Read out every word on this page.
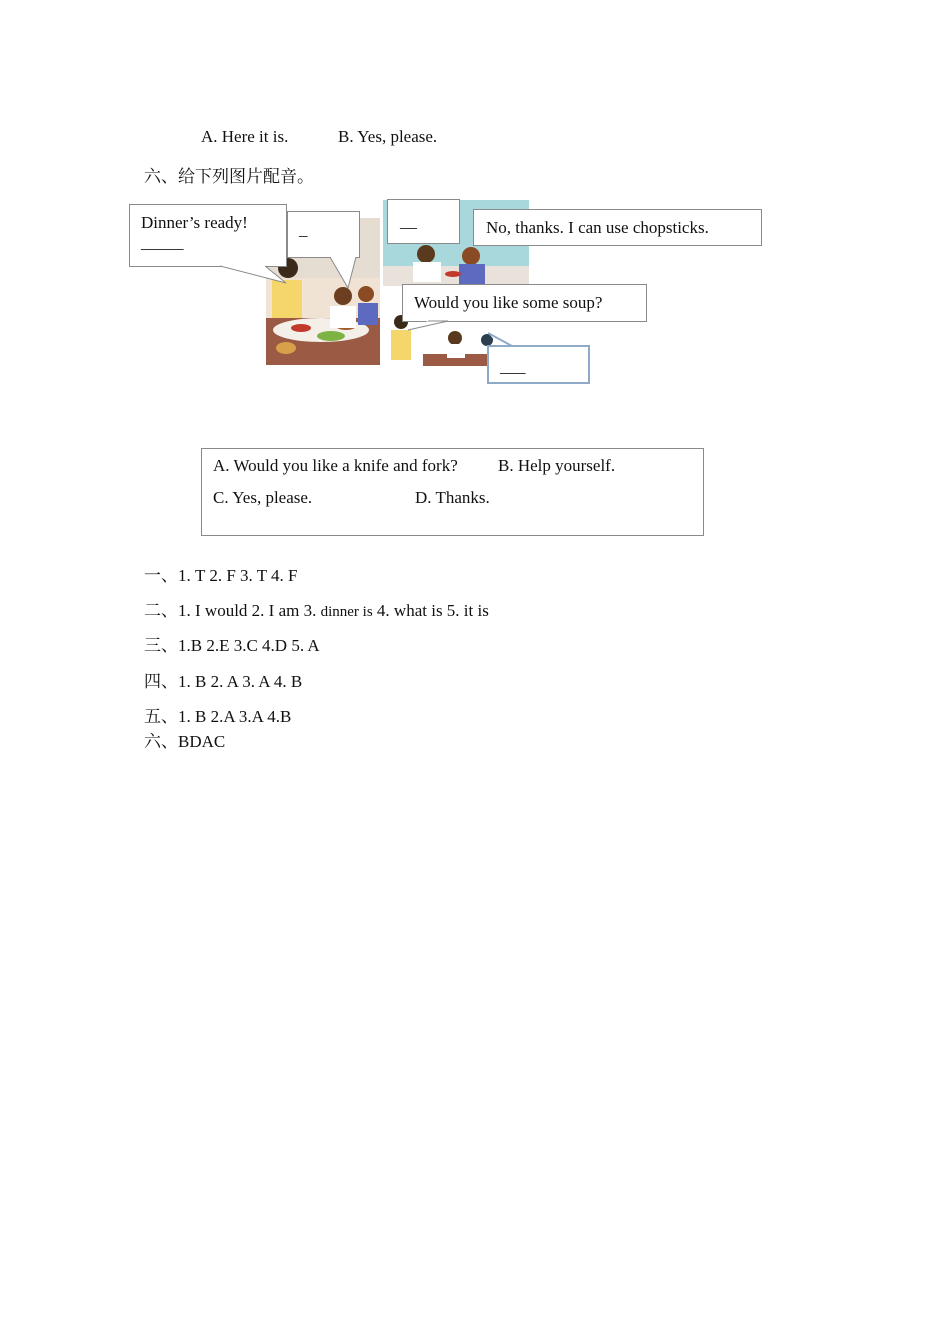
A. Here it is.	B. Yes, please.
六、给下列图片配音。
Dinner’s ready!
_____
_	__	No, thanks. I can use chopsticks.
Would you like some soup?
___
A. Would you like a knife and fork? B. Help yourself.
C. Yes, please.	D. Thanks.
一、1. T 2. F 3. T 4. F
二、1. I would 2. I am 3. dinner is 4. what is 5. it is
三、1.B 2.E 3.C 4.D 5. A
四、1. B 2. A 3. A 4. B
五、1. B 2.A 3.A 4.B
六、BDAC
